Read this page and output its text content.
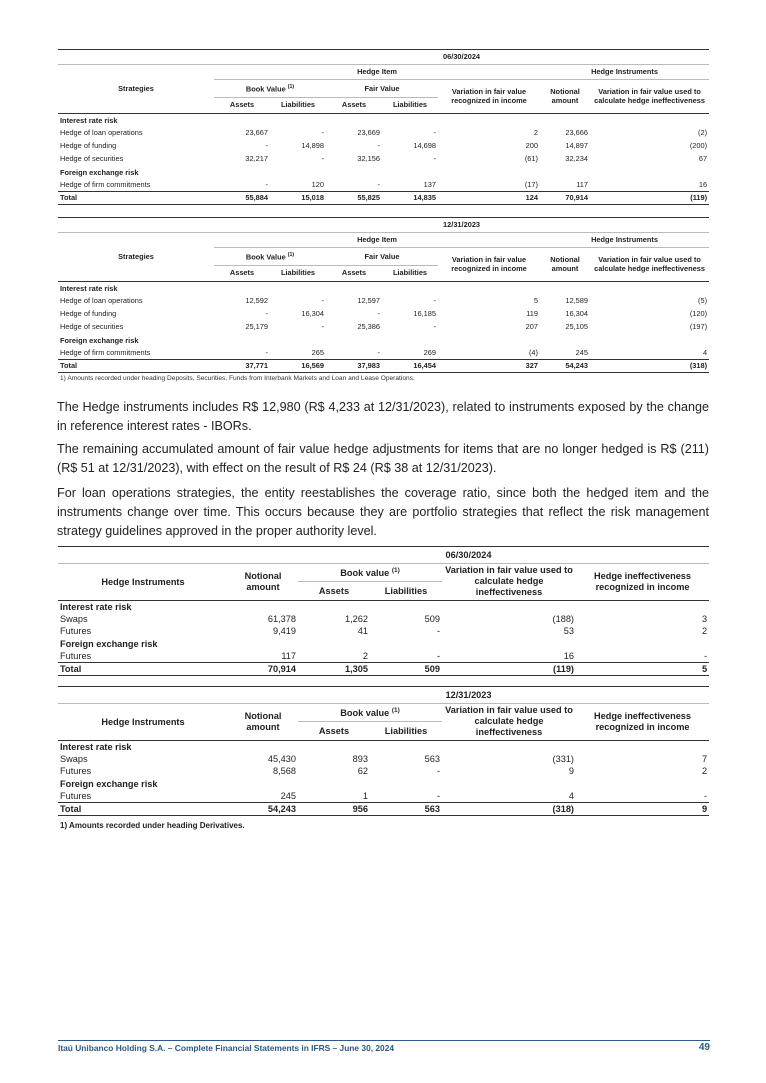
	06/30/2024						
Strategies	Hedge Item					Hedge Instruments	
	Book Value $^{(1)}$		Fair Value		Variation in fair value recognized in income	Notional amount	Variation in fair value used to calculate hedge ineffectiveness
	Assets	Liabilities	Assets	Liabilities			

Interest rate risk							
Hedge of loan operations	23,667	-	23,669	-	2	23,666	(2)
Hedge of funding	-	14,898	-	14,698	200	14,897	(200)
Hedge of securities	32,217	-	32,156	-	(61)	32,234	67
Foreign exchange risk							
Hedge of firm commitments	-	120	-	137	(17)	117	16
Total	55,884	15,018	55,825	14,835	124	70,914	(119)
	12/31/2023						
Strategies	Hedge Item					Hedge Instruments	
	Book Value $^{(1)}$		Fair Value		Variation in fair value recognized in income	Notional amount	Variation in fair value used to calculate hedge ineffectiveness
	Assets	Liabilities	Assets	Liabilities			

Interest rate risk							
Hedge of loan operations	12,592	-	12,597	-	5	12,589	(5)
Hedge of funding	-	16,304	-	16,185	119	16,304	(120)
Hedge of securities	25,179	-	25,386	-	207	25,105	(197)
Foreign exchange risk							
Hedge of firm commitments	-	265	-	269	(4)	245	4
Total	37,771	16,569	37,983	16,454	327	54,243	(318)
1) Amounts recorded under heading Deposits, Securities, Funds from Interbank Markets and Loan and Lease Operations.

The Hedge instruments includes R$ 12,980 (R$ 4,233 at 12/31/2023), related to instruments exposed by the change in reference interest rates - IBORs.

The remaining accumulated amount of fair value hedge adjustments for items that are no longer hedged is R$ (211) (R$ 51 at 12/31/2023), with effect on the result of R$ 24 (R$ 38 at 12/31/2023).

For loan operations strategies, the entity reestablishes the coverage ratio, since both the hedged item and the instruments change over time. This occurs because they are portfolio strategies that reflect the risk management strategy guidelines approved in the proper authority level.

	06/30/2024				
Hedge Instruments	Notional amount	Book value $^{(1)}$		Variation in fair value used to calculate hedge ineffectiveness	Hedge ineffectiveness recognized in income
		Assets	Liabilities		

Interest rate risk					
Swaps	61,378	1,262	509	(188)	3
Futures	9,419	41	-	53	2
Foreign exchange risk					
Futures	117	2	-	16	-
Total	70,914	1,305	509	(119)	5
	12/31/2023				
Hedge Instruments	Notional amount	Book value $^{(1)}$		Variation in fair value used to calculate hedge ineffectiveness	Hedge ineffectiveness recognized in income
		Assets	Liabilities		

Interest rate risk					
Swaps	45,430	893	563	(331)	7
Futures	8,568	62	-	9	2
Foreign exchange risk					
Futures	245	1	-	4	-
Total	54,243	956	563	(318)	9
1) Amounts recorded under heading Derivatives.
Itaú Unibanco Holding S.A. – Complete Financial Statements in IFRS – June 30, 2024	49
